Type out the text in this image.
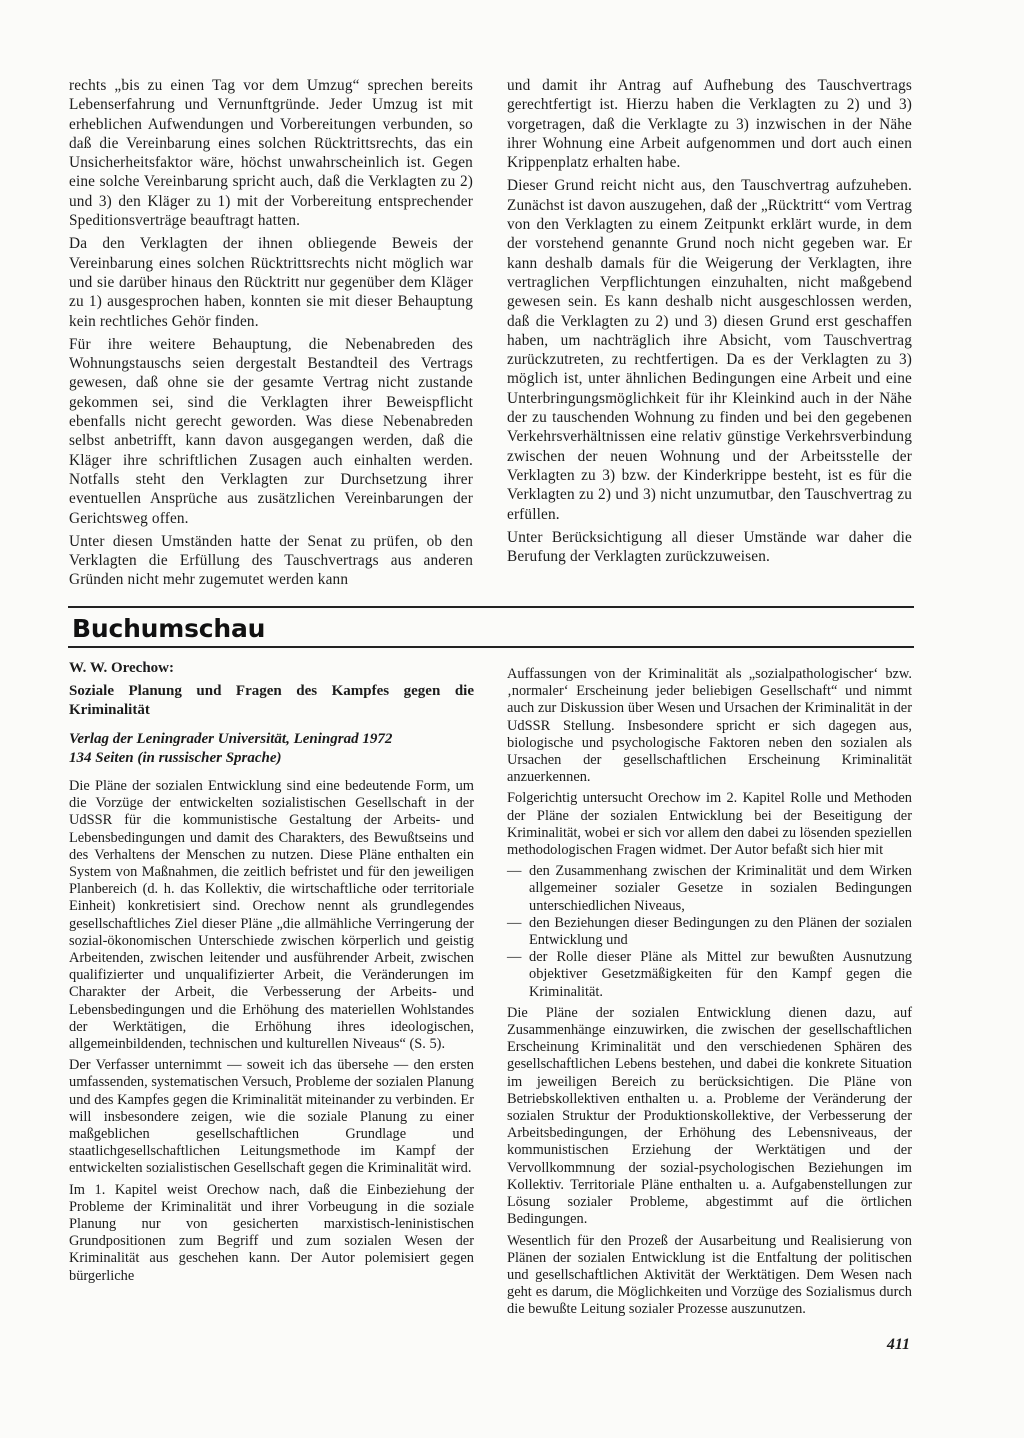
rechts „bis zu einen Tag vor dem Umzug“ sprechen bereits Lebenserfahrung und Vernunftgründe. Jeder Umzug ist mit erheblichen Aufwendungen und Vorbereitungen verbunden, so daß die Vereinbarung eines solchen Rücktrittsrechts, das ein Unsicherheitsfaktor wäre, höchst unwahrscheinlich ist. Gegen eine solche Vereinbarung spricht auch, daß die Verklagten zu 2) und 3) den Kläger zu 1) mit der Vorbereitung entsprechender Speditionsverträge beauftragt hatten.

Da den Verklagten der ihnen obliegende Beweis der Vereinbarung eines solchen Rücktrittsrechts nicht möglich war und sie darüber hinaus den Rücktritt nur gegenüber dem Kläger zu 1) ausgesprochen haben, konnten sie mit dieser Behauptung kein rechtliches Gehör finden.

Für ihre weitere Behauptung, die Nebenabreden des Wohnungstauschs seien dergestalt Bestandteil des Vertrags gewesen, daß ohne sie der gesamte Vertrag nicht zustande gekommen sei, sind die Verklagten ihrer Beweispflicht ebenfalls nicht gerecht geworden. Was diese Nebenabreden selbst anbetrifft, kann davon ausgegangen werden, daß die Kläger ihre schriftlichen Zusagen auch einhalten werden. Notfalls steht den Verklagten zur Durchsetzung ihrer eventuellen Ansprüche aus zusätzlichen Vereinbarungen der Gerichtsweg offen.

Unter diesen Umständen hatte der Senat zu prüfen, ob den Verklagten die Erfüllung des Tauschvertrags aus anderen Gründen nicht mehr zugemutet werden kann

und damit ihr Antrag auf Aufhebung des Tauschvertrags gerechtfertigt ist. Hierzu haben die Verklagten zu 2) und 3) vorgetragen, daß die Verklagte zu 3) inzwischen in der Nähe ihrer Wohnung eine Arbeit aufgenommen und dort auch einen Krippenplatz erhalten habe.

Dieser Grund reicht nicht aus, den Tauschvertrag aufzuheben. Zunächst ist davon auszugehen, daß der „Rücktritt“ vom Vertrag von den Verklagten zu einem Zeitpunkt erklärt wurde, in dem der vorstehend genannte Grund noch nicht gegeben war. Er kann deshalb damals für die Weigerung der Verklagten, ihre vertraglichen Verpflichtungen einzuhalten, nicht maßgebend gewesen sein. Es kann deshalb nicht ausgeschlossen werden, daß die Verklagten zu 2) und 3) diesen Grund erst geschaffen haben, um nachträglich ihre Absicht, vom Tauschvertrag zurückzutreten, zu rechtfertigen. Da es der Verklagten zu 3) möglich ist, unter ähnlichen Bedingungen eine Arbeit und eine Unterbringungsmöglichkeit für ihr Kleinkind auch in der Nähe der zu tauschenden Wohnung zu finden und bei den gegebenen Verkehrsverhältnissen eine relativ günstige Verkehrsverbindung zwischen der neuen Wohnung und der Arbeitsstelle der Verklagten zu 3) bzw. der Kinderkrippe besteht, ist es für die Verklagten zu 2) und 3) nicht unzumutbar, den Tauschvertrag zu erfüllen.

Unter Berücksichtigung all dieser Umstände war daher die Berufung der Verklagten zurückzuweisen.

Buchumschau
W. W. Orechow:
Soziale Planung und Fragen des Kampfes gegen die Kriminalität
Verlag der Leningrader Universität, Leningrad 1972
134 Seiten (in russischer Sprache)

Die Pläne der sozialen Entwicklung sind eine bedeutende Form, um die Vorzüge der entwickelten sozialistischen Gesellschaft in der UdSSR für die kommunistische Gestaltung der Arbeits- und Lebensbedingungen und damit des Charakters, des Bewußtseins und des Verhaltens der Menschen zu nutzen. Diese Pläne enthalten ein System von Maßnahmen, die zeitlich befristet und für den jeweiligen Planbereich (d. h. das Kollektiv, die wirtschaftliche oder territoriale Einheit) konkretisiert sind. Orechow nennt als grundlegendes gesellschaftliches Ziel dieser Pläne „die allmähliche Verringerung der sozial-ökonomischen Unterschiede zwischen körperlich und geistig Arbeitenden, zwischen leitender und ausführender Arbeit, zwischen qualifizierter und unqualifizierter Arbeit, die Veränderungen im Charakter der Arbeit, die Verbesserung der Arbeits- und Lebensbedingungen und die Erhöhung des materiellen Wohlstandes der Werktätigen, die Erhöhung ihres ideologischen, allgemeinbildenden, technischen und kulturellen Niveaus“ (S. 5).

Der Verfasser unternimmt — soweit ich das übersehe — den ersten umfassenden, systematischen Versuch, Probleme der sozialen Planung und des Kampfes gegen die Kriminalität miteinander zu verbinden. Er will insbesondere zeigen, wie die soziale Planung zu einer maßgeblichen gesellschaftlichen Grundlage und staatlichgesellschaftlichen Leitungsmethode im Kampf der entwickelten sozialistischen Gesellschaft gegen die Kriminalität wird.

Im 1. Kapitel weist Orechow nach, daß die Einbeziehung der Probleme der Kriminalität und ihrer Vorbeugung in die soziale Planung nur von gesicherten marxistisch-leninistischen Grundpositionen zum Begriff und zum sozialen Wesen der Kriminalität aus geschehen kann. Der Autor polemisiert gegen bürgerliche

Auffassungen von der Kriminalität als „sozialpathologischer‘ bzw. ‚normaler‘ Erscheinung jeder beliebigen Gesellschaft“ und nimmt auch zur Diskussion über Wesen und Ursachen der Kriminalität in der UdSSR Stellung. Insbesondere spricht er sich dagegen aus, biologische und psychologische Faktoren neben den sozialen als Ursachen der gesellschaftlichen Erscheinung Kriminalität anzuerkennen.

Folgerichtig untersucht Orechow im 2. Kapitel Rolle und Methoden der Pläne der sozialen Entwicklung bei der Beseitigung der Kriminalität, wobei er sich vor allem den dabei zu lösenden speziellen methodologischen Fragen widmet. Der Autor befaßt sich hier mit

— den Zusammenhang zwischen der Kriminalität und dem Wirken allgemeiner sozialer Gesetze in sozialen Bedingungen unterschiedlichen Niveaus,
— den Beziehungen dieser Bedingungen zu den Plänen der sozialen Entwicklung und
— der Rolle dieser Pläne als Mittel zur bewußten Ausnutzung objektiver Gesetzmäßigkeiten für den Kampf gegen die Kriminalität.

Die Pläne der sozialen Entwicklung dienen dazu, auf Zusammenhänge einzuwirken, die zwischen der gesellschaftlichen Erscheinung Kriminalität und den verschiedenen Sphären des gesellschaftlichen Lebens bestehen, und dabei die konkrete Situation im jeweiligen Bereich zu berücksichtigen. Die Pläne von Betriebskollektiven enthalten u. a. Probleme der Veränderung der sozialen Struktur der Produktionskollektive, der Verbesserung der Arbeitsbedingungen, der Erhöhung des Lebensniveaus, der kommunistischen Erziehung der Werktätigen und der Vervollkommnung der sozial-psychologischen Beziehungen im Kollektiv. Territoriale Pläne enthalten u. a. Aufgabenstellungen zur Lösung sozialer Probleme, abgestimmt auf die örtlichen Bedingungen.

Wesentlich für den Prozeß der Ausarbeitung und Realisierung von Plänen der sozialen Entwicklung ist die Entfaltung der politischen und gesellschaftlichen Aktivität der Werktätigen. Dem Wesen nach geht es darum, die Möglichkeiten und Vorzüge des Sozialismus durch die bewußte Leitung sozialer Prozesse auszunutzen.

411
